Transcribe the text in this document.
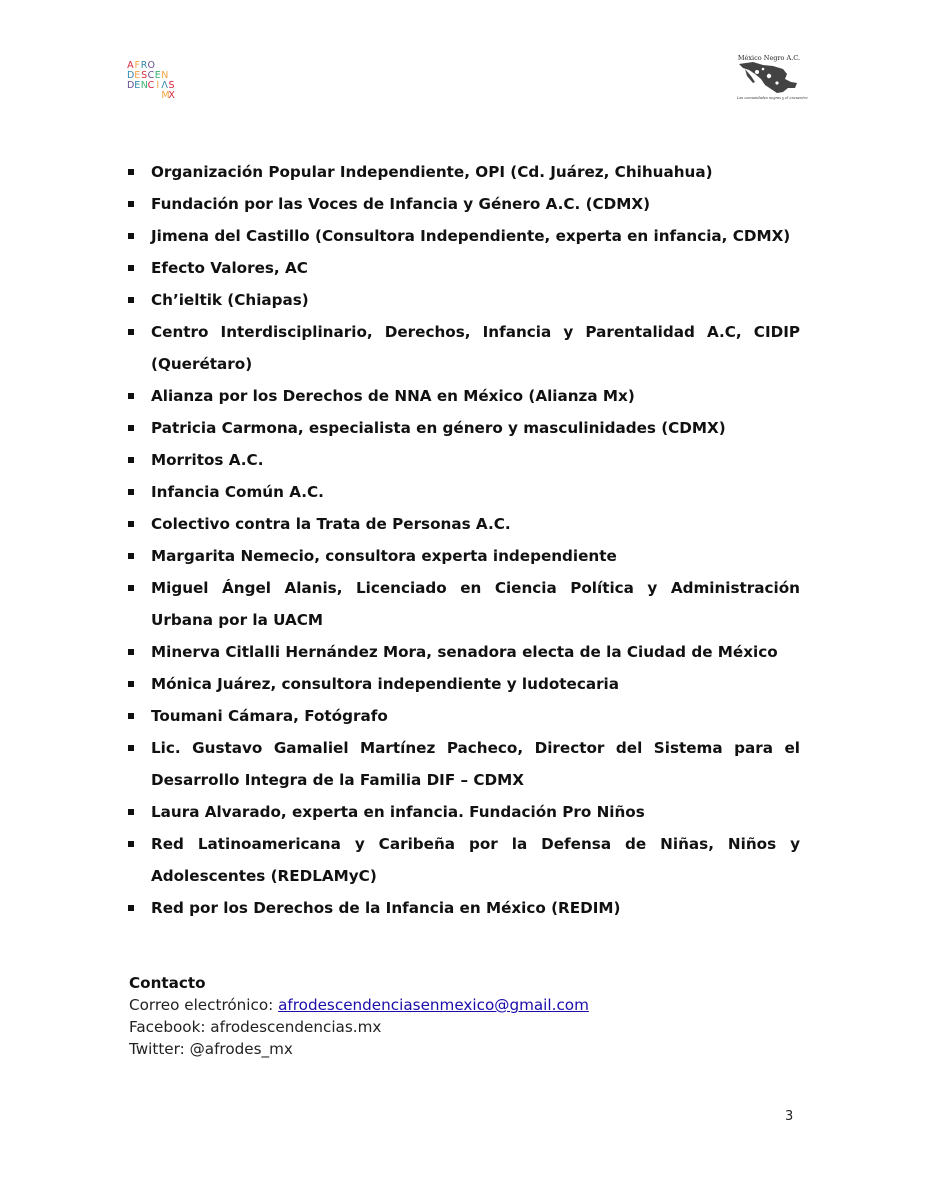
A F R O
D E S C E N
D E N C I Λ S
M
X
México Negro A.C.
Las comunidades negras y el encuentro
Organización Popular Independiente, OPI (Cd. Juárez, Chihuahua)
Fundación por las Voces de Infancia y Género A.C. (CDMX)
Jimena del Castillo (Consultora Independiente, experta en infancia, CDMX)
Efecto Valores, AC
Ch’ieltik (Chiapas)
Centro Interdisciplinario, Derechos, Infancia y Parentalidad A.C, CIDIP (Querétaro)
Alianza por los Derechos de NNA en México (Alianza Mx)
Patricia Carmona, especialista en género y masculinidades (CDMX)
Morritos A.C.
Infancia Común A.C.
Colectivo contra la Trata de Personas A.C.
Margarita Nemecio, consultora experta independiente
Miguel Ángel Alanis, Licenciado en Ciencia Política y Administración Urbana por la UACM
Minerva Citlalli Hernández Mora, senadora electa de la Ciudad de México
Mónica Juárez, consultora independiente y ludotecaria
Toumani Cámara, Fotógrafo
Lic. Gustavo Gamaliel Martínez Pacheco, Director del Sistema para el Desarrollo Integra de la Familia DIF – CDMX
Laura Alvarado, experta en infancia. Fundación Pro Niños
Red Latinoamericana y Caribeña por la Defensa de Niñas, Niños y Adolescentes (REDLAMyC)
Red por los Derechos de la Infancia en México (REDIM)
Contacto
Correo electrónico: afrodescendenciasenmexico@gmail.com
Facebook: afrodescendencias.mx
Twitter: @afrodes_mx
3
